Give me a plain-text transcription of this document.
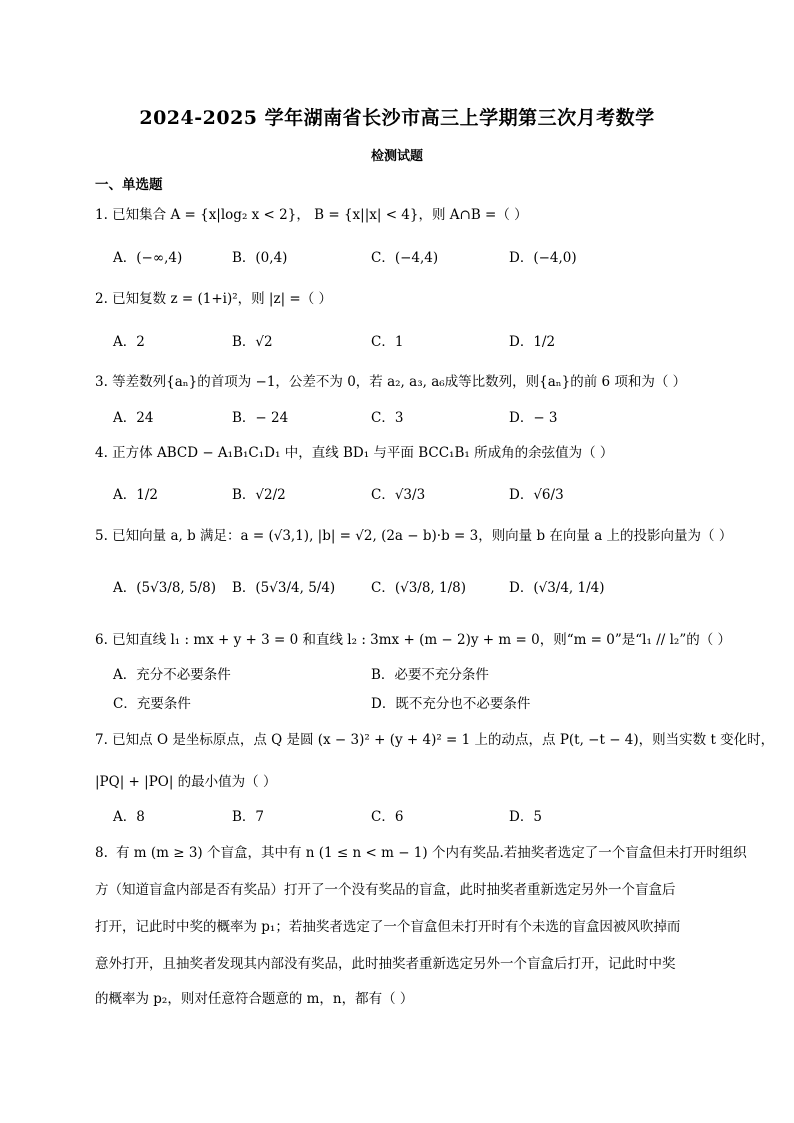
2024-2025 学年湖南省长沙市高三上学期第三次月考数学
检测试题
一、单选题
1. 已知集合 A = {x|log₂ x < 2}， B = {x||x| < 4}，则 A∩B =（ ）
A．(−∞,4)	B．(0,4)	C．(−4,4)	D．(−4,0)
2. 已知复数 z = (1+i)²，则 |z| =（ ）
A．2	B．√2	C．1	D．1/2
3. 等差数列{aₙ}的首项为 −1，公差不为 0，若 a₂, a₃, a₆成等比数列，则{aₙ}的前 6 项和为（ ）
A．24	B．− 24	C．3	D．− 3
4. 正方体 ABCD − A₁B₁C₁D₁ 中，直线 BD₁ 与平面 BCC₁B₁ 所成角的余弦值为（ ）
A．1/2	B．√2/2	C．√3/3	D．√6/3
5. 已知向量 a, b 满足：a = (√3,1), |b| = √2, (2a − b)·b = 3，则向量 b 在向量 a 上的投影向量为（ ）
A．(5√3/8, 5/8) B．(5√3/4, 5/4)	C．(√3/8, 1/8)	D．(√3/4, 1/4)
6. 已知直线 l₁ : mx + y + 3 = 0 和直线 l₂ : 3mx + (m − 2)y + m = 0，则“m = 0”是“l₁ // l₂”的（ ）
A．充分不必要条件	B．必要不充分条件
C．充要条件	D．既不充分也不必要条件
7. 已知点 O 是坐标原点，点 Q 是圆 (x − 3)² + (y + 4)² = 1 上的动点，点 P(t, −t − 4)，则当实数 t 变化时，
|PQ| + |PO| 的最小值为（ ）
A．8	B．7	C．6	D．5
8. 有 m (m ≥ 3) 个盲盒，其中有 n (1 ≤ n < m − 1) 个内有奖品.若抽奖者选定了一个盲盒但未打开时组织
方（知道盲盒内部是否有奖品）打开了一个没有奖品的盲盒，此时抽奖者重新选定另外一个盲盒后
打开，记此时中奖的概率为 p₁；若抽奖者选定了一个盲盒但未打开时有个未选的盲盒因被风吹掉而
意外打开，且抽奖者发现其内部没有奖品，此时抽奖者重新选定另外一个盲盒后打开，记此时中奖
的概率为 p₂，则对任意符合题意的 m，n，都有（ ）
